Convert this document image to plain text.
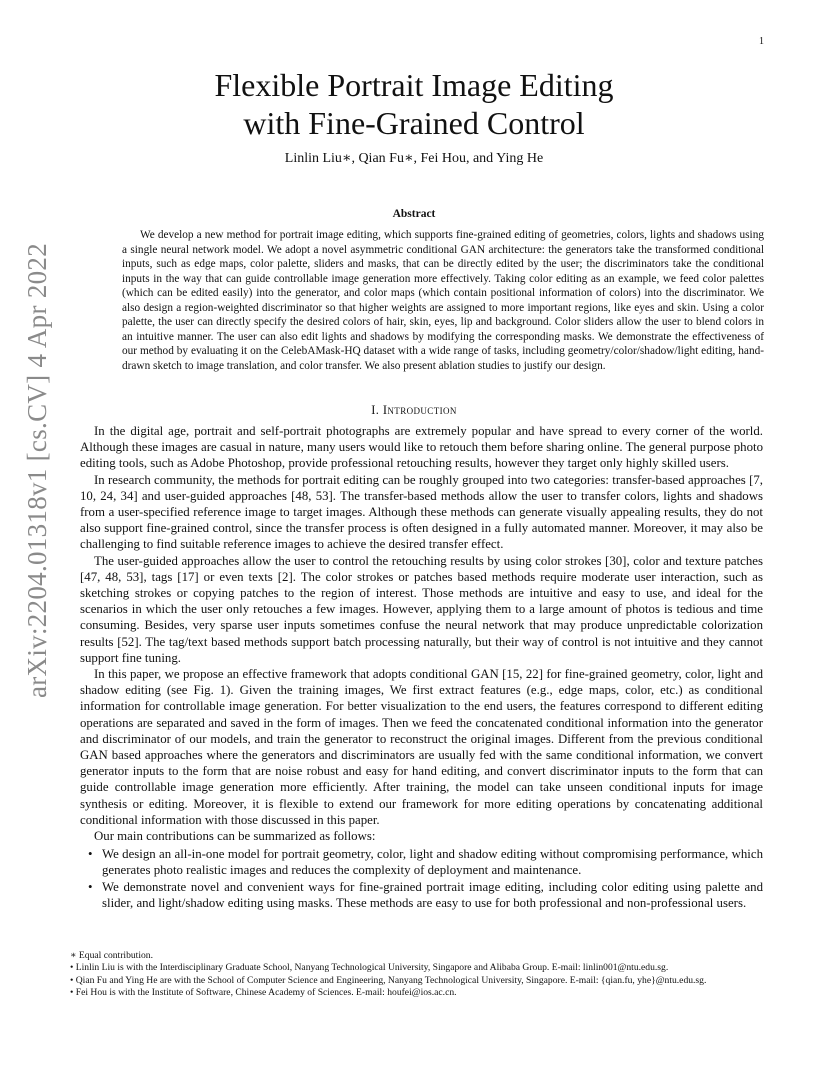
1
arXiv:2204.01318v1 [cs.CV] 4 Apr 2022
Flexible Portrait Image Editing
with Fine-Grained Control
Linlin Liu∗, Qian Fu∗, Fei Hou, and Ying He
Abstract
We develop a new method for portrait image editing, which supports fine-grained editing of geometries, colors, lights and shadows using a single neural network model. We adopt a novel asymmetric conditional GAN architecture: the generators take the transformed conditional inputs, such as edge maps, color palette, sliders and masks, that can be directly edited by the user; the discriminators take the conditional inputs in the way that can guide controllable image generation more effectively. Taking color editing as an example, we feed color palettes (which can be edited easily) into the generator, and color maps (which contain positional information of colors) into the discriminator. We also design a region-weighted discriminator so that higher weights are assigned to more important regions, like eyes and skin. Using a color palette, the user can directly specify the desired colors of hair, skin, eyes, lip and background. Color sliders allow the user to blend colors in an intuitive manner. The user can also edit lights and shadows by modifying the corresponding masks. We demonstrate the effectiveness of our method by evaluating it on the CelebAMask-HQ dataset with a wide range of tasks, including geometry/color/shadow/light editing, hand-drawn sketch to image translation, and color transfer. We also present ablation studies to justify our design.
I. Introduction

In the digital age, portrait and self-portrait photographs are extremely popular and have spread to every corner of the world. Although these images are casual in nature, many users would like to retouch them before sharing online. The general purpose photo editing tools, such as Adobe Photoshop, provide professional retouching results, however they target only highly skilled users.

In research community, the methods for portrait editing can be roughly grouped into two categories: transfer-based approaches [7, 10, 24, 34] and user-guided approaches [48, 53]. The transfer-based methods allow the user to transfer colors, lights and shadows from a user-specified reference image to target images. Although these methods can generate visually appealing results, they do not also support fine-grained control, since the transfer process is often designed in a fully automated manner. Moreover, it may also be challenging to find suitable reference images to achieve the desired transfer effect.

The user-guided approaches allow the user to control the retouching results by using color strokes [30], color and texture patches [47, 48, 53], tags [17] or even texts [2]. The color strokes or patches based methods require moderate user interaction, such as sketching strokes or copying patches to the region of interest. Those methods are intuitive and easy to use, and ideal for the scenarios in which the user only retouches a few images. However, applying them to a large amount of photos is tedious and time consuming. Besides, very sparse user inputs sometimes confuse the neural network that may produce unpredictable colorization results [52]. The tag/text based methods support batch processing naturally, but their way of control is not intuitive and they cannot support fine tuning.

In this paper, we propose an effective framework that adopts conditional GAN [15, 22] for fine-grained geometry, color, light and shadow editing (see Fig. 1). Given the training images, We first extract features (e.g., edge maps, color, etc.) as conditional information for controllable image generation. For better visualization to the end users, the features correspond to different editing operations are separated and saved in the form of images. Then we feed the concatenated conditional information into the generator and discriminator of our models, and train the generator to reconstruct the original images. Different from the previous conditional GAN based approaches where the generators and discriminators are usually fed with the same conditional information, we convert generator inputs to the form that are noise robust and easy for hand editing, and convert discriminator inputs to the form that can guide controllable image generation more efficiently. After training, the model can take unseen conditional inputs for image synthesis or editing. Moreover, it is flexible to extend our framework for more editing operations by concatenating additional conditional information with those discussed in this paper.

Our main contributions can be summarized as follows:

• We design an all-in-one model for portrait geometry, color, light and shadow editing without compromising performance, which generates photo realistic images and reduces the complexity of deployment and maintenance.
• We demonstrate novel and convenient ways for fine-grained portrait image editing, including color editing using palette and slider, and light/shadow editing using masks. These methods are easy to use for both professional and non-professional users.
∗ Equal contribution.
• Linlin Liu is with the Interdisciplinary Graduate School, Nanyang Technological University, Singapore and Alibaba Group. E-mail: linlin001@ntu.edu.sg.
• Qian Fu and Ying He are with the School of Computer Science and Engineering, Nanyang Technological University, Singapore. E-mail: {qian.fu, yhe}@ntu.edu.sg.
• Fei Hou is with the Institute of Software, Chinese Academy of Sciences. E-mail: houfei@ios.ac.cn.
